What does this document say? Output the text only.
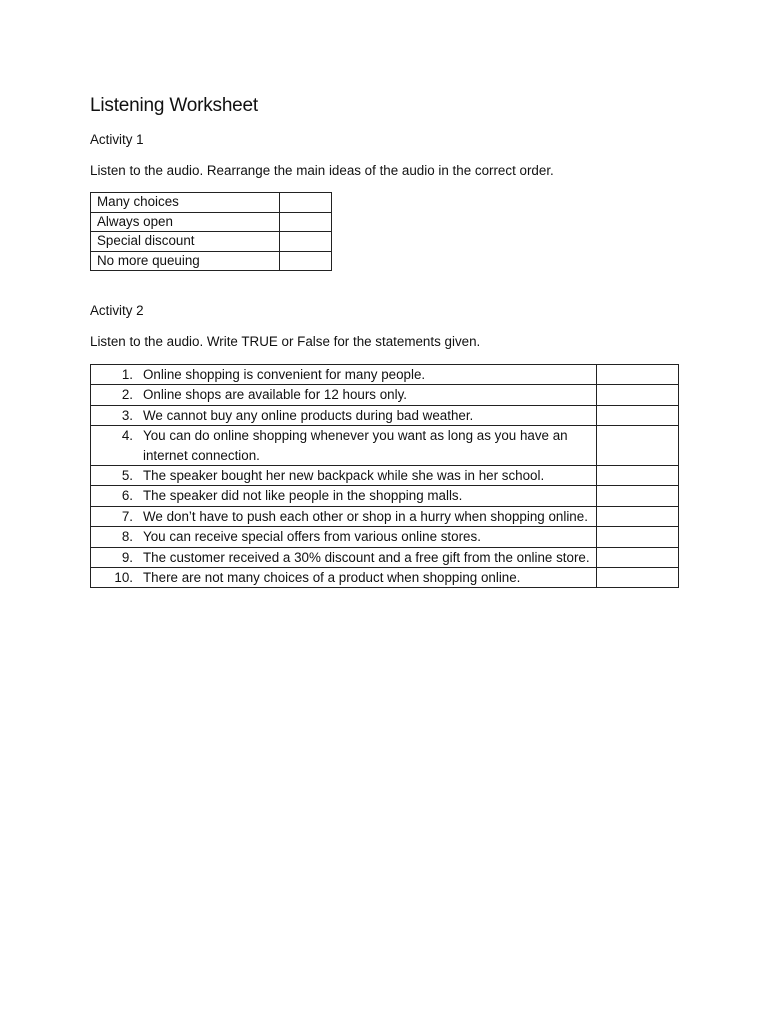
Listening Worksheet
Activity 1
Listen to the audio. Rearrange the main ideas of the audio in the correct order.
Many choices	
Always open	
Special discount	
No more queuing	
Activity 2
Listen to the audio. Write TRUE or False for the statements given.
1. Online shopping is convenient for many people.	

2. Online shops are available for 12 hours only.	

3. We cannot buy any online products during bad weather.	

4. You can do online shopping whenever you want as long as you have an internet connection.	

5. The speaker bought her new backpack while she was in her school.	

6. The speaker did not like people in the shopping malls.	

7. We don’t have to push each other or shop in a hurry when shopping online.	

8. You can receive special offers from various online stores.	

9. The customer received a 30% discount and a free gift from the online store.	

10. There are not many choices of a product when shopping online.	
